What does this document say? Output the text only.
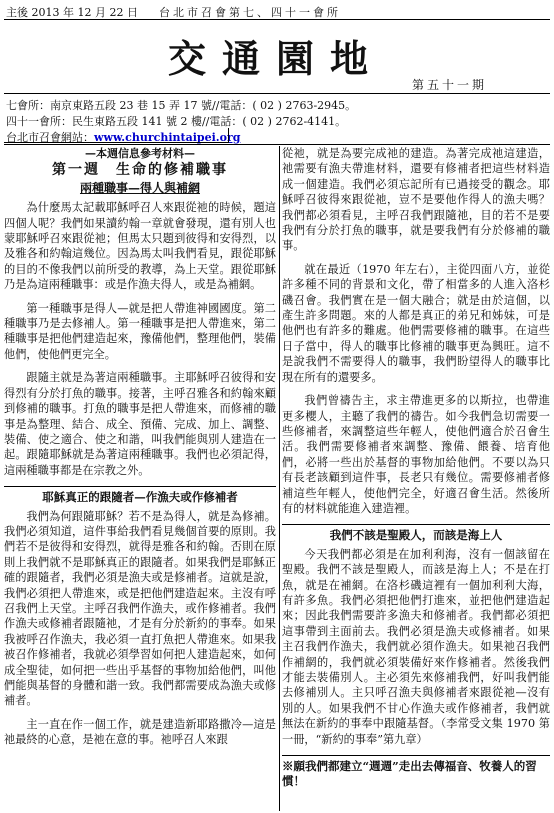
主後 2013 年 12 月 22 日 台北市召會第七、四十一會所
交通園地
第五十一期
七會所：南京東路五段 23 巷 15 弄 17 號//電話：( 02 ) 2763-2945。
四十一會所：民生東路五段 141 號 2 樓//電話：( 02 ) 2762-4141。
台北市召會網站：www.churchintaipei.org

—本週信息參考材料—

第一週　生命的修補職事

兩種職事—得人與補網

為什麼馬太記載耶穌呼召人來跟從祂的時候，題這四個人呢？我們如果讀約翰一章就會發現，還有別人也蒙耶穌呼召來跟從祂；但馬太只題到彼得和安得烈，以及雅各和約翰這幾位。因為馬太叫我們看見，跟從耶穌的目的不像我們以前所受的教導，為上天堂。跟從耶穌乃是為這兩種職事：或是作漁夫得人，或是為補網。

第一種職事是得人—就是把人帶進神國國度。第二種職事乃是去修補人。第一種職事是把人帶進來，第二種職事是把他們建造起來，豫備他們，整理他們，裝備他們，使他們更完全。

跟隨主就是為著這兩種職事。主耶穌呼召彼得和安得烈有分於打魚的職事。接著，主呼召雅各和約翰來顧到修補的職事。打魚的職事是把人帶進來，而修補的職事是為整理、結合、成全、預備、完成、加上、調整、裝備、使之適合、使之和諧，叫我們能與別人建造在一起。跟隨耶穌就是為著這兩種職事。我們也必須記得，這兩種職事都是在宗教之外。

耶穌真正的跟隨者—作漁夫或作修補者

我們為何跟隨耶穌？若不是為得人，就是為修補。我們必須知道，這件事給我們看見幾個首要的原則。我們若不是彼得和安得烈，就得是雅各和約翰。否則在原則上我們就不是耶穌真正的跟隨者。如果我們是耶穌正確的跟隨者，我們必須是漁夫或是修補者。這就是說，我們必須把人帶進來，或是把他們建造起來。主沒有呼召我們上天堂。主呼召我們作漁夫，或作修補者。我們作漁夫或修補者跟隨祂，才是有分於新約的事奉。如果我被呼召作漁夫，我必須一直打魚把人帶進來。如果我被召作修補者，我就必須學習如何把人建造起來，如何成全聖徒，如何把一些出乎基督的事物加給他們，叫他們能與基督的身體和諧一致。我們都需要成為漁夫或修補者。

主一直在作一個工作，就是建造新耶路撒冷—這是祂最終的心意，是祂在意的事。祂呼召人來跟

從祂，就是為要完成祂的建造。為著完成祂這建造，祂需要有漁夫帶進材料，還要有修補者把這些材料造成一個建造。我們必須忘記所有已過接受的觀念。耶穌呼召彼得來跟從祂，豈不是要他作得人的漁夫嗎？我們都必須看見，主呼召我們跟隨祂，目的若不是要我們有分於打魚的職事，就是要我們有分於修補的職事。

就在最近（1970 年左右），主從四面八方，並從許多種不同的背景和文化，帶了相當多的人進入洛杉磯召會。我們實在是一個大融合；就是由於這個，以產生許多問題。來的人都是真正的弟兄和姊妹，可是他們也有許多的難處。他們需要修補的職事。在這些日子當中，得人的職事比修補的職事更為興旺。這不是說我們不需要得人的職事，我們盼望得人的職事比現在所有的還要多。

我們曾禱告主，求主帶進更多的以斯拉，也帶進更多櫻人，主聽了我們的禱告。如今我們急切需要一些修補者，來調整這些年輕人，使他們適合於召會生活。我們需要修補者來調整、豫備、餵養、培育他們，必將一些出於基督的事物加給他們。不要以為只有長老該顧到這件事，長老只有幾位。需要修補者修補這些年輕人，使他們完全，好適召會生活。然後所有的材料就能進入建造裡。

我們不該是聖殿人，而該是海上人

今天我們都必須是在加利利海，沒有一個該留在聖殿。我們不該是聖殿人，而該是海上人；不是在打魚，就是在補網。在洛杉磯這裡有一個加利利大海，有許多魚。我們必須把他們打進來，並把他們建造起來；因此我們需要許多漁夫和修補者。我們都必須把這事帶到主面前去。我們必須是漁夫或修補者。如果主召我們作漁夫，我們就必須作漁夫。如果祂召我們作補網的，我們就必須裝備好來作修補者。然後我們才能去裝備別人。主必須先來修補我們，好叫我們能去修補別人。主只呼召漁夫與修補者來跟從祂—沒有別的人。如果我們不甘心作漁夫或作修補者，我們就無法在新約的事奉中跟隨基督。（李常受文集 1970 第一冊，“新約的事奉”第九章）

※願我們都建立“週週”走出去傳福音、牧養人的習慣！
